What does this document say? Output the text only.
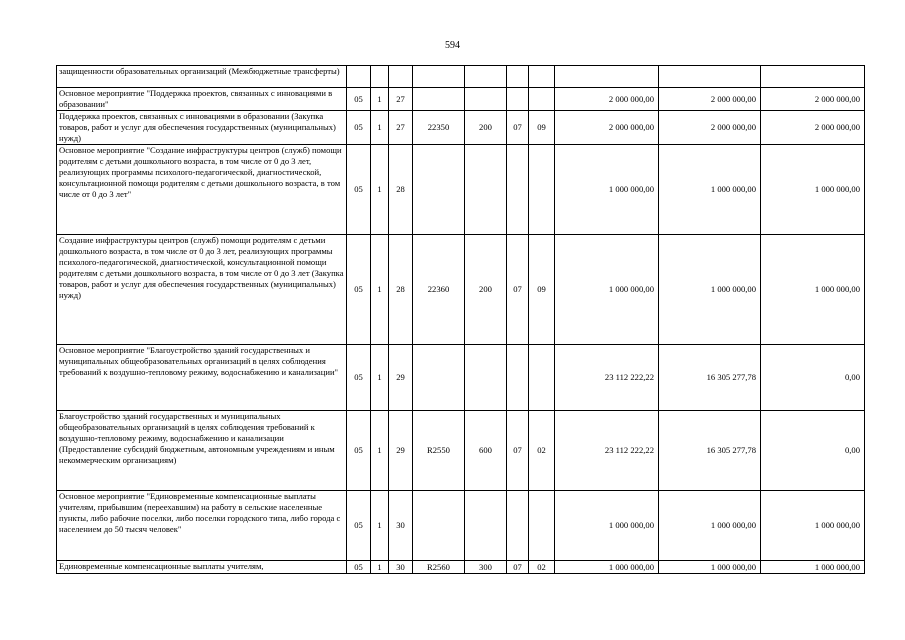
594
защищенности образовательных организаций (Межбюджетные трансферты)										
Основное мероприятие "Поддержка проектов, связанных с инновациями в образовании"	05	1	27					2 000 000,00	2 000 000,00	2 000 000,00
Поддержка проектов, связанных с инновациями в образовании (Закупка товаров, работ и услуг для обеспечения государственных (муниципальных) нужд)	05	1	27	22350	200	07	09	2 000 000,00	2 000 000,00	2 000 000,00
Основное мероприятие "Создание инфраструктуры центров (служб) помощи родителям с детьми дошкольного возраста, в том числе от 0 до 3 лет, реализующих программы психолого-педагогической, диагностической, консультационной помощи родителям с детьми дошкольного возраста, в том числе от 0 до 3 лет"	05	1	28					1 000 000,00	1 000 000,00	1 000 000,00
Создание инфраструктуры центров (служб) помощи родителям с детьми дошкольного возраста, в том числе от 0 до 3 лет, реализующих программы психолого-педагогической, диагностической, консультационной помощи родителям с детьми дошкольного возраста, в том числе от 0 до 3 лет (Закупка товаров, работ и услуг для обеспечения государственных (муниципальных) нужд)	05	1	28	22360	200	07	09	1 000 000,00	1 000 000,00	1 000 000,00
Основное мероприятие "Благоустройство зданий государственных и муниципальных общеобразовательных организаций в целях соблюдения требований к воздушно-тепловому режиму, водоснабжению и канализации"	05	1	29					23 112 222,22	16 305 277,78	0,00
Благоустройство зданий государственных и муниципальных общеобразовательных организаций в целях соблюдения требований к воздушно-тепловому режиму, водоснабжению и канализации (Предоставление субсидий бюджетным, автономным учреждениям и иным некоммерческим организациям)	05	1	29	R2550	600	07	02	23 112 222,22	16 305 277,78	0,00
Основное мероприятие "Единовременные компенсационные выплаты учителям, прибывшим (переехавшим) на работу в сельские населенные пункты, либо рабочие поселки, либо поселки городского типа, либо города с населением до 50 тысяч человек"	05	1	30					1 000 000,00	1 000 000,00	1 000 000,00
Единовременные компенсационные выплаты учителям,	05	1	30	R2560	300	07	02	1 000 000,00	1 000 000,00	1 000 000,00
